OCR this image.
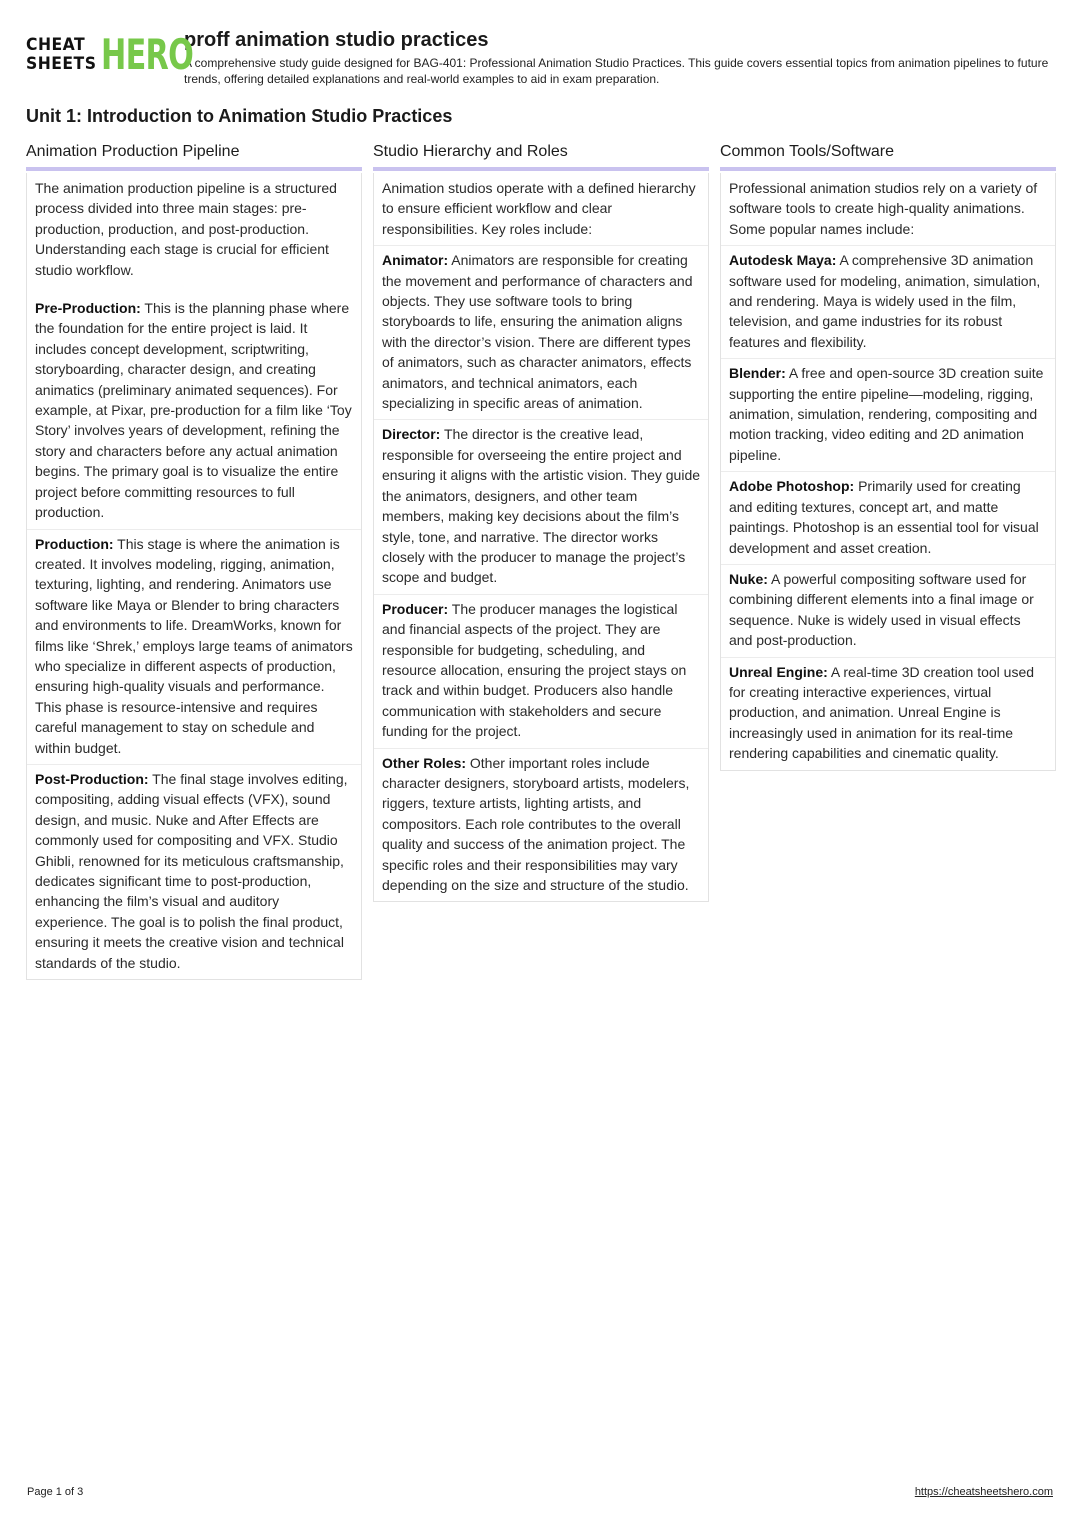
CHEAT
SHEETS HERO
proff animation studio practices
A comprehensive study guide designed for BAG-401: Professional Animation Studio Practices. This guide covers essential topics from animation pipelines to future trends, offering detailed explanations and real-world examples to aid in exam preparation.
Unit 1: Introduction to Animation Studio Practices
Animation Production Pipeline
The animation production pipeline is a structured process divided into three main stages: pre-production, production, and post-production. Understanding each stage is crucial for efficient studio workflow.
Pre-Production: This is the planning phase where the foundation for the entire project is laid. It includes concept development, scriptwriting, storyboarding, character design, and creating animatics (preliminary animated sequences). For example, at Pixar, pre-production for a film like ‘Toy Story’ involves years of development, refining the story and characters before any actual animation begins. The primary goal is to visualize the entire project before committing resources to full production.
Production: This stage is where the animation is created. It involves modeling, rigging, animation, texturing, lighting, and rendering. Animators use software like Maya or Blender to bring characters and environments to life. DreamWorks, known for films like ‘Shrek,’ employs large teams of animators who specialize in different aspects of production, ensuring high-quality visuals and performance. This phase is resource-intensive and requires careful management to stay on schedule and within budget.
Post-Production: The final stage involves editing, compositing, adding visual effects (VFX), sound design, and music. Nuke and After Effects are commonly used for compositing and VFX. Studio Ghibli, renowned for its meticulous craftsmanship, dedicates significant time to post-production, enhancing the film’s visual and auditory experience. The goal is to polish the final product, ensuring it meets the creative vision and technical standards of the studio.
Studio Hierarchy and Roles
Animation studios operate with a defined hierarchy to ensure efficient workflow and clear responsibilities. Key roles include:
Animator: Animators are responsible for creating the movement and performance of characters and objects. They use software tools to bring storyboards to life, ensuring the animation aligns with the director’s vision. There are different types of animators, such as character animators, effects animators, and technical animators, each specializing in specific areas of animation.
Director: The director is the creative lead, responsible for overseeing the entire project and ensuring it aligns with the artistic vision. They guide the animators, designers, and other team members, making key decisions about the film’s style, tone, and narrative. The director works closely with the producer to manage the project’s scope and budget.
Producer: The producer manages the logistical and financial aspects of the project. They are responsible for budgeting, scheduling, and resource allocation, ensuring the project stays on track and within budget. Producers also handle communication with stakeholders and secure funding for the project.
Other Roles: Other important roles include character designers, storyboard artists, modelers, riggers, texture artists, lighting artists, and compositors. Each role contributes to the overall quality and success of the animation project. The specific roles and their responsibilities may vary depending on the size and structure of the studio.
Common Tools/Software
Professional animation studios rely on a variety of software tools to create high-quality animations. Some popular names include:
Autodesk Maya: A comprehensive 3D animation software used for modeling, animation, simulation, and rendering. Maya is widely used in the film, television, and game industries for its robust features and flexibility.
Blender: A free and open-source 3D creation suite supporting the entire pipeline—modeling, rigging, animation, simulation, rendering, compositing and motion tracking, video editing and 2D animation pipeline.
Adobe Photoshop: Primarily used for creating and editing textures, concept art, and matte paintings. Photoshop is an essential tool for visual development and asset creation.
Nuke: A powerful compositing software used for combining different elements into a final image or sequence. Nuke is widely used in visual effects and post-production.
Unreal Engine: A real-time 3D creation tool used for creating interactive experiences, virtual production, and animation. Unreal Engine is increasingly used in animation for its real-time rendering capabilities and cinematic quality.
Page 1 of 3	https://cheatsheetshero.com
